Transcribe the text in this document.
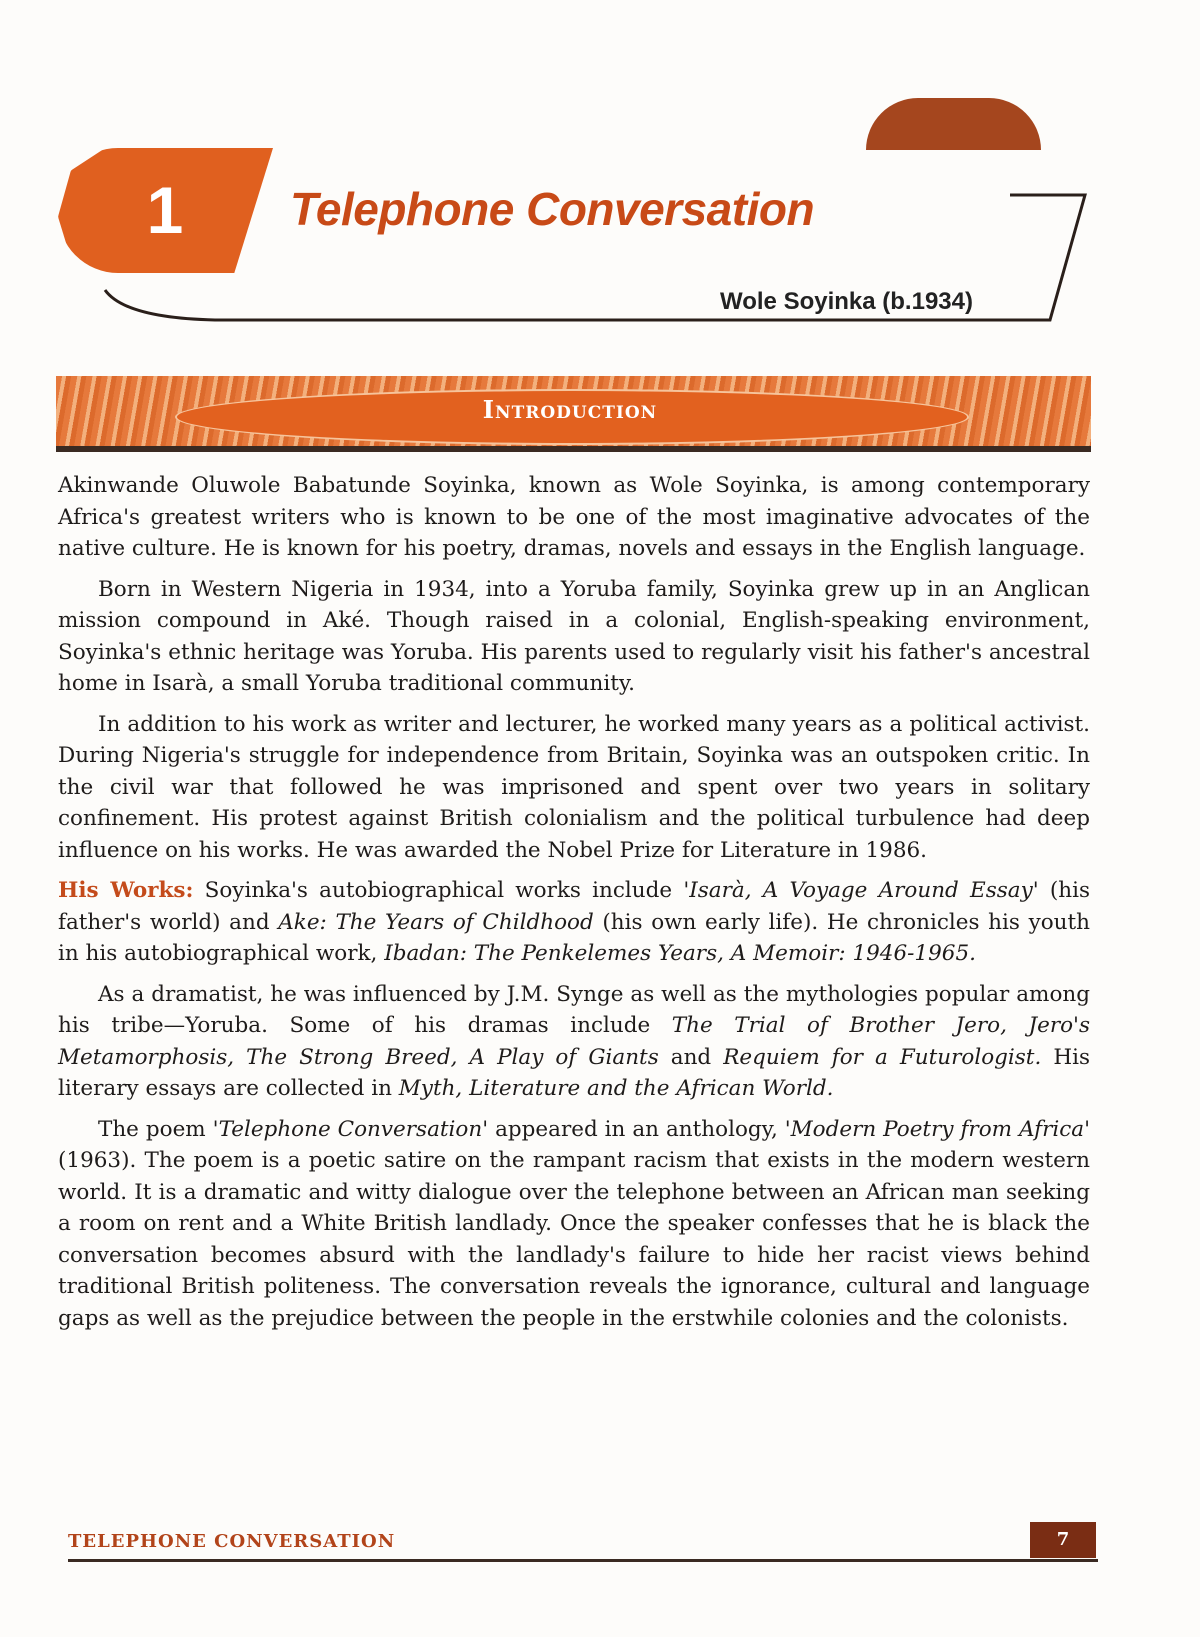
1	Telephone Conversation
Wole Soyinka (b.1934)
Introduction

Akinwande Oluwole Babatunde Soyinka, known as Wole Soyinka, is among contemporary Africa's greatest writers who is known to be one of the most imaginative advocates of the native culture. He is known for his poetry, dramas, novels and essays in the English language.

Born in Western Nigeria in 1934, into a Yoruba family, Soyinka grew up in an Anglican mission compound in Aké. Though raised in a colonial, English-speaking environment, Soyinka's ethnic heritage was Yoruba. His parents used to regularly visit his father's ancestral home in Isarà, a small Yoruba traditional community.

In addition to his work as writer and lecturer, he worked many years as a political activist. During Nigeria's struggle for independence from Britain, Soyinka was an outspoken critic. In the civil war that followed he was imprisoned and spent over two years in solitary confinement. His protest against British colonialism and the political turbulence had deep influence on his works. He was awarded the Nobel Prize for Literature in 1986.

His Works: Soyinka's autobiographical works include 'Isarà, A Voyage Around Essay' (his father's world) and Ake: The Years of Childhood (his own early life). He chronicles his youth in his autobiographical work, Ibadan: The Penkelemes Years, A Memoir: 1946-1965.

As a dramatist, he was influenced by J.M. Synge as well as the mythologies popular among his tribe—Yoruba. Some of his dramas include The Trial of Brother Jero, Jero's Metamorphosis, The Strong Breed, A Play of Giants and Requiem for a Futurologist. His literary essays are collected in Myth, Literature and the African World.

The poem 'Telephone Conversation' appeared in an anthology, 'Modern Poetry from Africa' (1963). The poem is a poetic satire on the rampant racism that exists in the modern western world. It is a dramatic and witty dialogue over the telephone between an African man seeking a room on rent and a White British landlady. Once the speaker confesses that he is black the conversation becomes absurd with the landlady's failure to hide her racist views behind traditional British politeness. The conversation reveals the ignorance, cultural and language gaps as well as the prejudice between the people in the erstwhile colonies and the colonists.

TELEPHONE CONVERSATION	7
